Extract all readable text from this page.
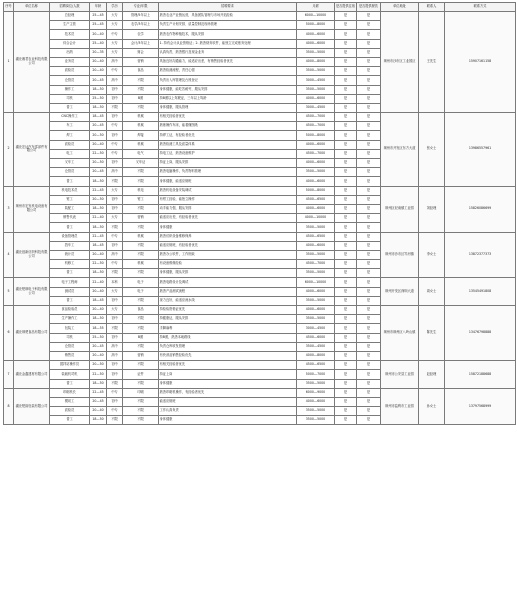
序号	单位名称	招聘岗位/人数	年龄	学历	专业/年限	招聘要求	月薪	是否提供住宿	是否提供餐饮	单位地址	联系人	联系方式
1	湖北湘君农业科技有限公司	总经理	25—45	大专	管理/5年以上	熟悉农业产业链运营，具备团队管理与市场开拓经验	6000—10000	是	是	荆州市沙市区工业园区	王先生	15907161158
		生产主管	25—45	大专	农学/3年以上	负责生产计划安排、质量控制及现场管理	5000—8000	是	是			
		技术员	20—40	中专	农学	熟悉农作物种植技术，服从安排	4000—6000	是	是			
		综合会计	25—40	大专	会计/3年以上	1. 持有会计从业资格证；2. 熟悉财务软件，能独立完成账务处理	4000—6000	是	是			
		出纳	20—35	大专	财会	认真负责，熟悉银行及现金业务	3500—5000	是	是			
		业务员	20—40	高中	营销	具备良好沟通能力，能适应出差，有销售经验者优先	4000—8000	是	是			
		质检员	20—40	中专	食品	熟悉检测流程，责任心强	3500—5000	是	是			
		仓管员	20—45	高中	不限	负责出入库管理及台账登记	3000—4500	是	是			
		操作工	18—50	初中	不限	身体健康，能吃苦耐劳，服从安排	3500—5000	是	是			
		司机	25—50	初中	B照	持B照以上驾驶证，三年以上驾龄	4000—6000	是	是			
		普工	18—50	不限	不限	身体健康，服从管理	3000—4500	是	是			
2	湖北宏达汽车零部件有限公司	CNC操作工	18—45	初中	机械	有相关经验者优先	4500—7000	是	是	荆州市开发区东方大道	张女士	13986557961
		车工	20—45	中专	机械	熟练操作车床，能看懂图纸	4500—7000	是	是			
		焊工	20—50	初中	焊接	持焊工证，有经验者优先	5000—8000	是	是			
		质检员	20—40	中专	机械	熟悉检测工具及质量体系	4000—6000	是	是			
		电工	22—50	中专	电气	持电工证，熟悉设备维护	4500—7000	是	是			
		叉车工	20—50	初中	叉车证	持证上岗，服从安排	4000—6000	是	是			
		仓管员	20—45	高中	不限	熟悉电脑操作，负责物料管理	3500—5000	是	是			
		普工	18—50	不限	不限	身体健康，能适应倒班	4000—6000	是	是			
3	荆州市宏发机电设备有限公司	机电技术员	22—45	大专	机电	熟悉机电设备安装调试	5000—8000	是	是	荆州区纪南镇工业园	刘经理	15826086699
		钳工	20—50	初中	钳工	有钳工经验，能独立操作	4500—6500	是	是			
		装配工	18—50	初中	不限	动手能力强，服从安排	4000—6000	是	是			
		销售代表	22—40	大专	营销	能适应出差，有经验者优先	4000—10000	是	是			
		普工	18—50	不限	不限	身体健康	3500—5000	是	是			
4	湖北创新纺织科技有限公司	设备管理员	22—45	中专	机械	熟悉纺织设备维修保养	4500—6500	是	是	荆州市沙市区岑河镇	李女士	13872377373
		挡车工	18—45	初中	不限	能适应倒班，有经验者优先	4000—6000	是	是			
		统计员	20—40	高中	不限	熟悉办公软件，工作细致	3500—5000	是	是			
		机修工	22—50	中专	机械	有设备维修经验	4500—7000	是	是			
		普工	18—50	不限	不限	身体健康，服从安排	3500—5000	是	是			
5	湖北楚荆电子科技有限公司	电子工程师	22—40	本科	电子	熟悉电路设计及调试	6000—10000	是	是	荆州开发区深圳大道	周女士	13545491808
		测试员	20—40	大专	电子	熟悉产品测试流程	4000—6000	是	是			
		普工	18—45	初中	不限	视力良好，能适应流水线	3500—5000	是	是			
6	湖北荆楚食品有限公司	食品检验员	20—40	大专	食品	持检验资格证优先	4000—6000	是	是	荆州市荆州区八岭山镇	陈先生	13476798888
		生产操作工	18—50	初中	不限	持健康证，服从安排	3500—5000	是	是			
		包装工	18—55	不限	不限	手脚麻利	3000—4500	是	是			
		司机	25—50	初中	B照	持B照，熟悉本地路线	4500—6000	是	是			
		仓管员	20—45	高中	不限	负责仓库收发管理	3500—4500	是	是			
		销售员	20—40	高中	营销	有快消品销售经验优先	4000—8000	是	是			
7	湖北金鑫建材有限公司	搅拌站操作员	20—50	初中	不限	有相关经验者优先	4500—6500	是	是	荆州市公安县工业园	赵经理	15872188688
		装载机司机	22—50	初中	证件	持证上岗	5000—7000	是	是			
		普工	18—50	不限	不限	身体健康	3500—5000	是	是			
8	湖北楚韵包装有限公司	印刷机长	22—45	中专	印刷	熟悉印刷机操作，有经验者优先	6000—9000	是	是	荆州市监利市工业园	孙女士	13797568999
		模切工	20—45	初中	不限	能适应倒班	4000—6000	是	是			
		质检员	20—40	中专	不限	工作认真负责	3500—5000	是	是			
		普工	18—50	不限	不限	身体健康	3500—5000	是	是			
